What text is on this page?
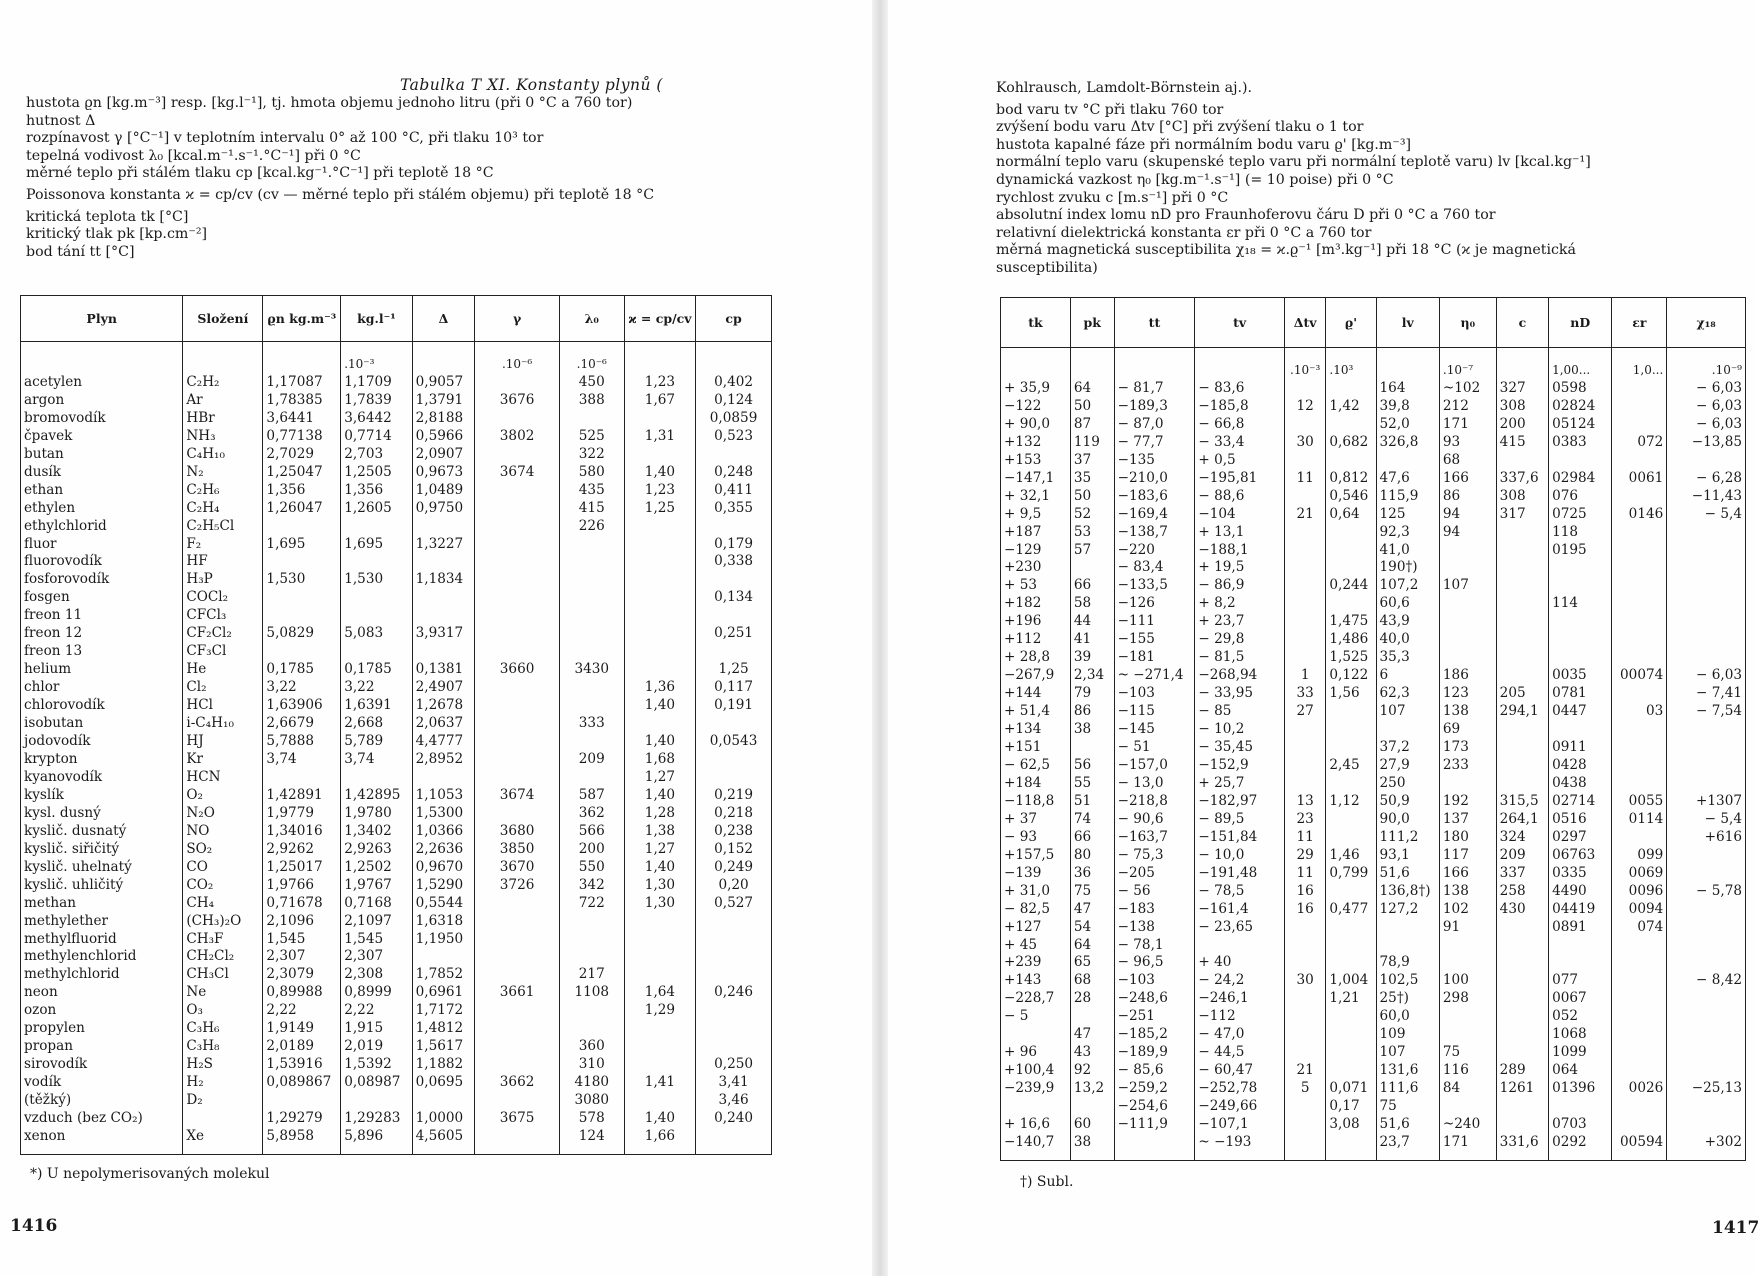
Tabulka T XI. Konstanty plynů (
hustota ϱn [kg.m⁻³] resp. [kg.l⁻¹], tj. hmota objemu jednoho litru (při 0 °C a 760 tor)
hutnost Δ
rozpínavost γ [°C⁻¹] v teplotním intervalu 0° až 100 °C, při tlaku 10³ tor
tepelná vodivost λ₀ [kcal.m⁻¹.s⁻¹.°C⁻¹] při 0 °C
měrné teplo při stálém tlaku cp [kcal.kg⁻¹.°C⁻¹] při teplotě 18 °C
Poissonova konstanta ϰ = cp/cv (cv — měrné teplo při stálém objemu) při teplotě 18 °C
kritická teplota tk [°C]
kritický tlak pk [kp.cm⁻²]
bod tání tt [°C]
Kohlrausch, Lamdolt-Börnstein aj.).
bod varu tv °C při tlaku 760 tor
zvýšení bodu varu Δtv [°C] při zvýšení tlaku o 1 tor
hustota kapalné fáze při normálním bodu varu ϱ' [kg.m⁻³]
normální teplo varu (skupenské teplo varu při normální teplotě varu) lv [kcal.kg⁻¹]
dynamická vazkost η₀ [kg.m⁻¹.s⁻¹] (= 10 poise) při 0 °C
rychlost zvuku c [m.s⁻¹] při 0 °C
absolutní index lomu nD pro Fraunhoferovu čáru D při 0 °C a 760 tor
relativní dielektrická konstanta εr při 0 °C a 760 tor
měrná magnetická susceptibilita χ₁₈ = ϰ.ϱ⁻¹ [m³.kg⁻¹] při 18 °C (ϰ je magnetická
susceptibilita)
Plyn	Složení	ϱn kg.m⁻³	kg.l⁻¹	Δ	γ	λ₀	ϰ = cp/cv	cp
			.10⁻³		.10⁻⁶	.10⁻⁶		
acetylen	C₂H₂	1,17087	1,1709	0,9057		450	1,23	0,402
argon	Ar	1,78385	1,7839	1,3791	3676	388	1,67	0,124
bromovodík	HBr	3,6441	3,6442	2,8188				0,0859
čpavek	NH₃	0,77138	0,7714	0,5966	3802	525	1,31	0,523
butan	C₄H₁₀	2,7029	2,703	2,0907		322		
dusík	N₂	1,25047	1,2505	0,9673	3674	580	1,40	0,248
ethan	C₂H₆	1,356	1,356	1,0489		435	1,23	0,411
ethylen	C₂H₄	1,26047	1,2605	0,9750		415	1,25	0,355
ethylchlorid	C₂H₅Cl					226		
fluor	F₂	1,695	1,695	1,3227				0,179
fluorovodík	HF							0,338
fosforovodík	H₃P	1,530	1,530	1,1834				
fosgen	COCl₂							0,134
freon 11	CFCl₃							
freon 12	CF₂Cl₂	5,0829	5,083	3,9317				0,251
freon 13	CF₃Cl							
helium	He	0,1785	0,1785	0,1381	3660	3430		1,25
chlor	Cl₂	3,22	3,22	2,4907			1,36	0,117
chlorovodík	HCl	1,63906	1,6391	1,2678			1,40	0,191
isobutan	i-C₄H₁₀	2,6679	2,668	2,0637		333		
jodovodík	HJ	5,7888	5,789	4,4777			1,40	0,0543
krypton	Kr	3,74	3,74	2,8952		209	1,68	
kyanovodík	HCN						1,27	
kyslík	O₂	1,42891	1,42895	1,1053	3674	587	1,40	0,219
kysl. dusný	N₂O	1,9779	1,9780	1,5300		362	1,28	0,218
kyslič. dusnatý	NO	1,34016	1,3402	1,0366	3680	566	1,38	0,238
kyslič. siřičitý	SO₂	2,9262	2,9263	2,2636	3850	200	1,27	0,152
kyslič. uhelnatý	CO	1,25017	1,2502	0,9670	3670	550	1,40	0,249
kyslič. uhličitý	CO₂	1,9766	1,9767	1,5290	3726	342	1,30	0,20
methan	CH₄	0,71678	0,7168	0,5544		722	1,30	0,527
methylether	(CH₃)₂O	2,1096	2,1097	1,6318				
methylfluorid	CH₃F	1,545	1,545	1,1950				
methylenchlorid	CH₂Cl₂	2,307	2,307					
methylchlorid	CH₃Cl	2,3079	2,308	1,7852		217		
neon	Ne	0,89988	0,8999	0,6961	3661	1108	1,64	0,246
ozon	O₃	2,22	2,22	1,7172			1,29	
propylen	C₃H₆	1,9149	1,915	1,4812				
propan	C₃H₈	2,0189	2,019	1,5617		360		
sirovodík	H₂S	1,53916	1,5392	1,1882		310		0,250
vodík	H₂	0,089867	0,08987	0,0695	3662	4180	1,41	3,41
(těžký)	D₂					3080		3,46
vzduch (bez CO₂)		1,29279	1,29283	1,0000	3675	578	1,40	0,240
xenon	Xe	5,8958	5,896	4,5605		124	1,66	
tk	pk	tt	tv	Δtv	ϱ'	lv	η₀	c	nD	εr	χ₁₈
				.10⁻³	.10³		.10⁻⁷		1,00...	1,0...	.10⁻⁹
+ 35,9	64	− 81,7	− 83,6			164	~102	327	0598		− 6,03
−122	50	−189,3	−185,8	12	1,42	39,8	212	308	02824		− 6,03
+ 90,0	87	− 87,0	− 66,8			52,0	171	200	05124		− 6,03
+132	119	− 77,7	− 33,4	30	0,682	326,8	93	415	0383	072	−13,85
+153	37	−135	+ 0,5				68				
−147,1	35	−210,0	−195,81	11	0,812	47,6	166	337,6	02984	0061	− 6,28
+ 32,1	50	−183,6	− 88,6		0,546	115,9	86	308	076		−11,43
+ 9,5	52	−169,4	−104	21	0,64	125	94	317	0725	0146	− 5,4
+187	53	−138,7	+ 13,1			92,3	94		118		
−129	57	−220	−188,1			41,0			0195		
+230		− 83,4	+ 19,5			190†)					
+ 53	66	−133,5	− 86,9		0,244	107,2	107				
+182	58	−126	+ 8,2			60,6			114		
+196	44	−111	+ 23,7		1,475	43,9					
+112	41	−155	− 29,8		1,486	40,0					
+ 28,8	39	−181	− 81,5		1,525	35,3					
−267,9	2,34	~ −271,4	−268,94	1	0,122	6	186		0035	00074	− 6,03
+144	79	−103	− 33,95	33	1,56	62,3	123	205	0781		− 7,41
+ 51,4	86	−115	− 85	27		107	138	294,1	0447	03	− 7,54
+134	38	−145	− 10,2				69				
+151		− 51	− 35,45			37,2	173		0911		
− 62,5	56	−157,0	−152,9		2,45	27,9	233		0428		
+184	55	− 13,0	+ 25,7			250			0438		
−118,8	51	−218,8	−182,97	13	1,12	50,9	192	315,5	02714	0055	+1307
+ 37	74	− 90,6	− 89,5	23		90,0	137	264,1	0516	0114	− 5,4
− 93	66	−163,7	−151,84	11		111,2	180	324	0297		+616
+157,5	80	− 75,3	− 10,0	29	1,46	93,1	117	209	06763	099	
−139	36	−205	−191,48	11	0,799	51,6	166	337	0335	0069	
+ 31,0	75	− 56	− 78,5	16		136,8†)	138	258	4490	0096	− 5,78
− 82,5	47	−183	−161,4	16	0,477	127,2	102	430	04419	0094	
+127	54	−138	− 23,65				91		0891	074	
+ 45	64	− 78,1									
+239	65	− 96,5	+ 40			78,9					
+143	68	−103	− 24,2	30	1,004	102,5	100		077		− 8,42
−228,7	28	−248,6	−246,1		1,21	25†)	298		0067		
− 5		−251	−112			60,0			052		
	47	−185,2	− 47,0			109			1068		
+ 96	43	−189,9	− 44,5			107	75		1099		
+100,4	92	− 85,6	− 60,47	21		131,6	116	289	064		
−239,9	13,2	−259,2	−252,78	5	0,071	111,6	84	1261	01396	0026	−25,13
		−254,6	−249,66		0,17	75					
+ 16,6	60	−111,9	−107,1		3,08	51,6	~240		0703		
−140,7	38		~ −193			23,7	171	331,6	0292	00594	+302
*) U nepolymerisovaných molekul	†) Subl.
1416	1417
